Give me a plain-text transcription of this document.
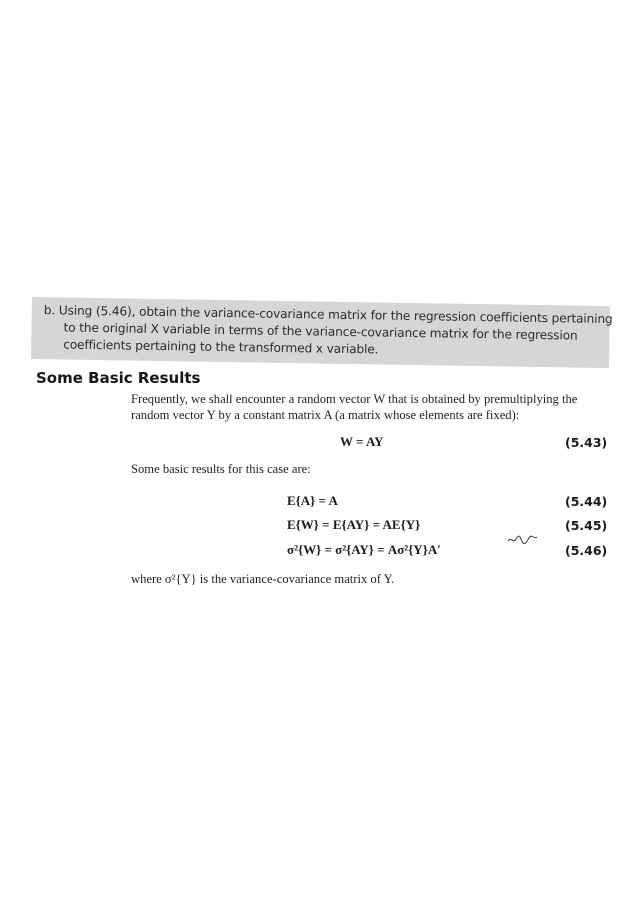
b. Using (5.46), obtain the variance-covariance matrix for the regression coefficients pertaining
to the original X variable in terms of the variance-covariance matrix for the regression
coefficients pertaining to the transformed x variable.
Some Basic Results
Frequently, we shall encounter a random vector W that is obtained by premultiplying the
random vector Y by a constant matrix A (a matrix whose elements are fixed):
W = AY	(5.43)

Some basic results for this case are:

E{A} = A	(5.44)
E{W} = E{AY} = AE{Y}	(5.45)
σ²{W} = σ²{AY} = Aσ²{Y}A′	(5.46)

where σ²{Y} is the variance-covariance matrix of Y.
